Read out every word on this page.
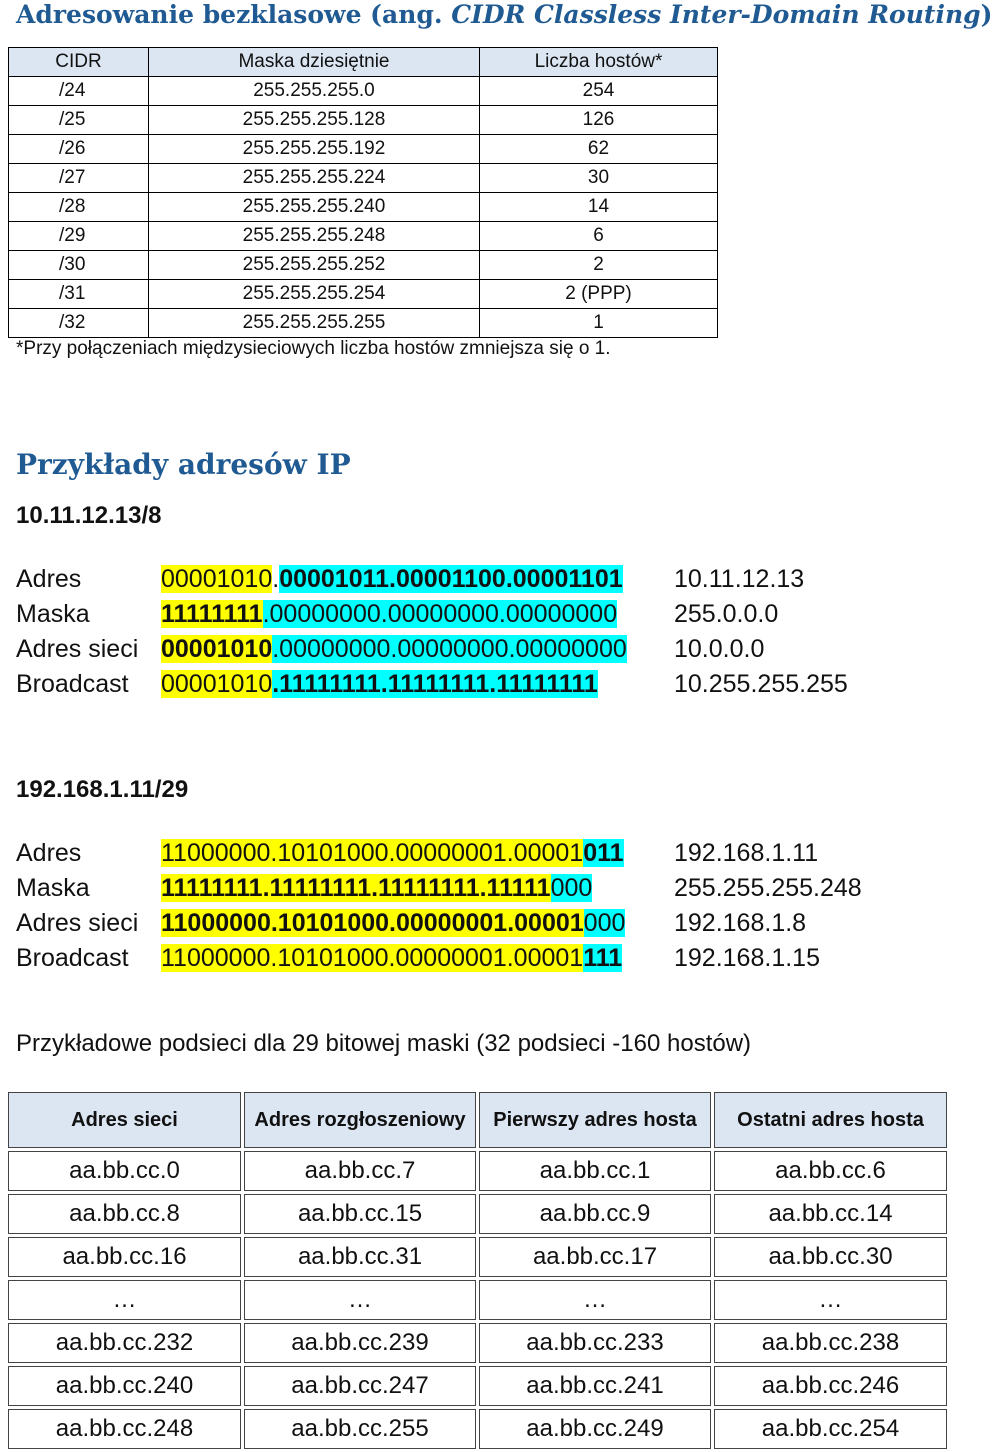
Adresowanie bezklasowe (ang. CIDR Classless Inter-Domain Routing)
CIDR	Maska dziesiętnie	Liczba hostów*
/24	255.255.255.0	254
/25	255.255.255.128	126
/26	255.255.255.192	62
/27	255.255.255.224	30
/28	255.255.255.240	14
/29	255.255.255.248	6
/30	255.255.255.252	2
/31	255.255.255.254	2 (PPP)
/32	255.255.255.255	1
*Przy połączeniach międzysieciowych liczba hostów zmniejsza się o 1.
Przykłady adresów IP
10.11.12.13/8
Adres	00001010.00001011.00001100.00001101 10.11.12.13
Maska	11111111.00000000.00000000.00000000 255.0.0.0
Adres sieci 00001010.00000000.00000000.00000000 10.0.0.0
Broadcast 00001010.11111111.11111111.11111111	10.255.255.255
192.168.1.11/29
Adres	11000000.10101000.00000001.00001011 192.168.1.11
Maska	11111111.11111111.11111111.11111000	255.255.255.248
Adres sieci 11000000.10101000.00000001.00001000 192.168.1.8
Broadcast 11000000.10101000.00000001.00001111 192.168.1.15
Przykładowe podsieci dla 29 bitowej maski (32 podsieci -160 hostów)
Adres sieci	Adres rozgłoszeniowy	Pierwszy adres hosta	Ostatni adres hosta
aa.bb.cc.0	aa.bb.cc.7	aa.bb.cc.1	aa.bb.cc.6
aa.bb.cc.8	aa.bb.cc.15	aa.bb.cc.9	aa.bb.cc.14
aa.bb.cc.16	aa.bb.cc.31	aa.bb.cc.17	aa.bb.cc.30
…	…	…	…
aa.bb.cc.232	aa.bb.cc.239	aa.bb.cc.233	aa.bb.cc.238
aa.bb.cc.240	aa.bb.cc.247	aa.bb.cc.241	aa.bb.cc.246
aa.bb.cc.248	aa.bb.cc.255	aa.bb.cc.249	aa.bb.cc.254
